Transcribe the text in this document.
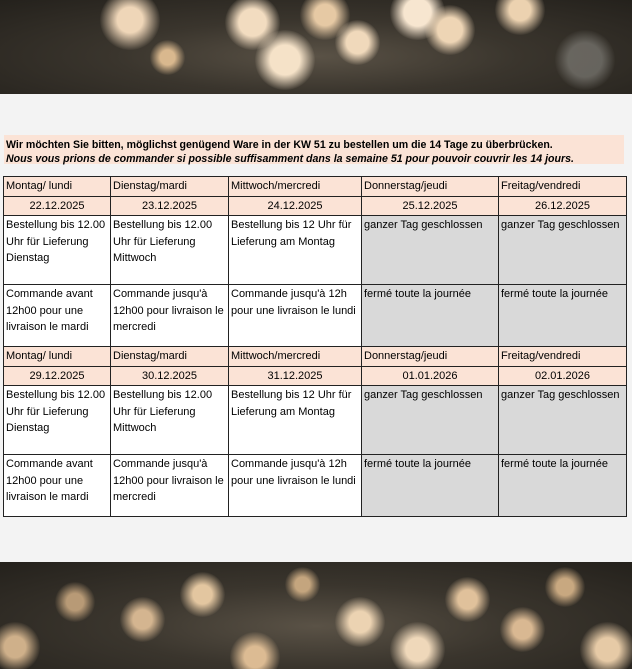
Wir möchten Sie bitten, möglichst genügend Ware in der KW 51 zu bestellen um die 14 Tage zu überbrücken.

Nous vous prions de commander si possible suffisamment dans la semaine 51 pour pouvoir couvrir les 14 jours.

Montag/ lundi	Dienstag/mardi	Mittwoch/mercredi	Donnerstag/jeudi	Freitag/vendredi
22.12.2025	23.12.2025	24.12.2025	25.12.2025	26.12.2025
Bestellung bis 12.00 Uhr für Lieferung Dienstag	Bestellung bis 12.00 Uhr für Lieferung Mittwoch	Bestellung bis 12 Uhr für Lieferung am Montag	ganzer Tag geschlossen	ganzer Tag geschlossen
Commande avant 12h00 pour une livraison le mardi	Commande jusqu'à 12h00 pour livraison le mercredi	Commande jusqu'à 12h pour une livraison le lundi	fermé toute la journée	fermé toute la journée
Montag/ lundi	Dienstag/mardi	Mittwoch/mercredi	Donnerstag/jeudi	Freitag/vendredi
29.12.2025	30.12.2025	31.12.2025	01.01.2026	02.01.2026
Bestellung bis 12.00 Uhr für Lieferung Dienstag	Bestellung bis 12.00 Uhr für Lieferung Mittwoch	Bestellung bis 12 Uhr für Lieferung am Montag	ganzer Tag geschlossen	ganzer Tag geschlossen
Commande avant 12h00 pour une livraison le mardi	Commande jusqu'à 12h00 pour livraison le mercredi	Commande jusqu'à 12h pour une livraison le lundi	fermé toute la journée	fermé toute la journée
